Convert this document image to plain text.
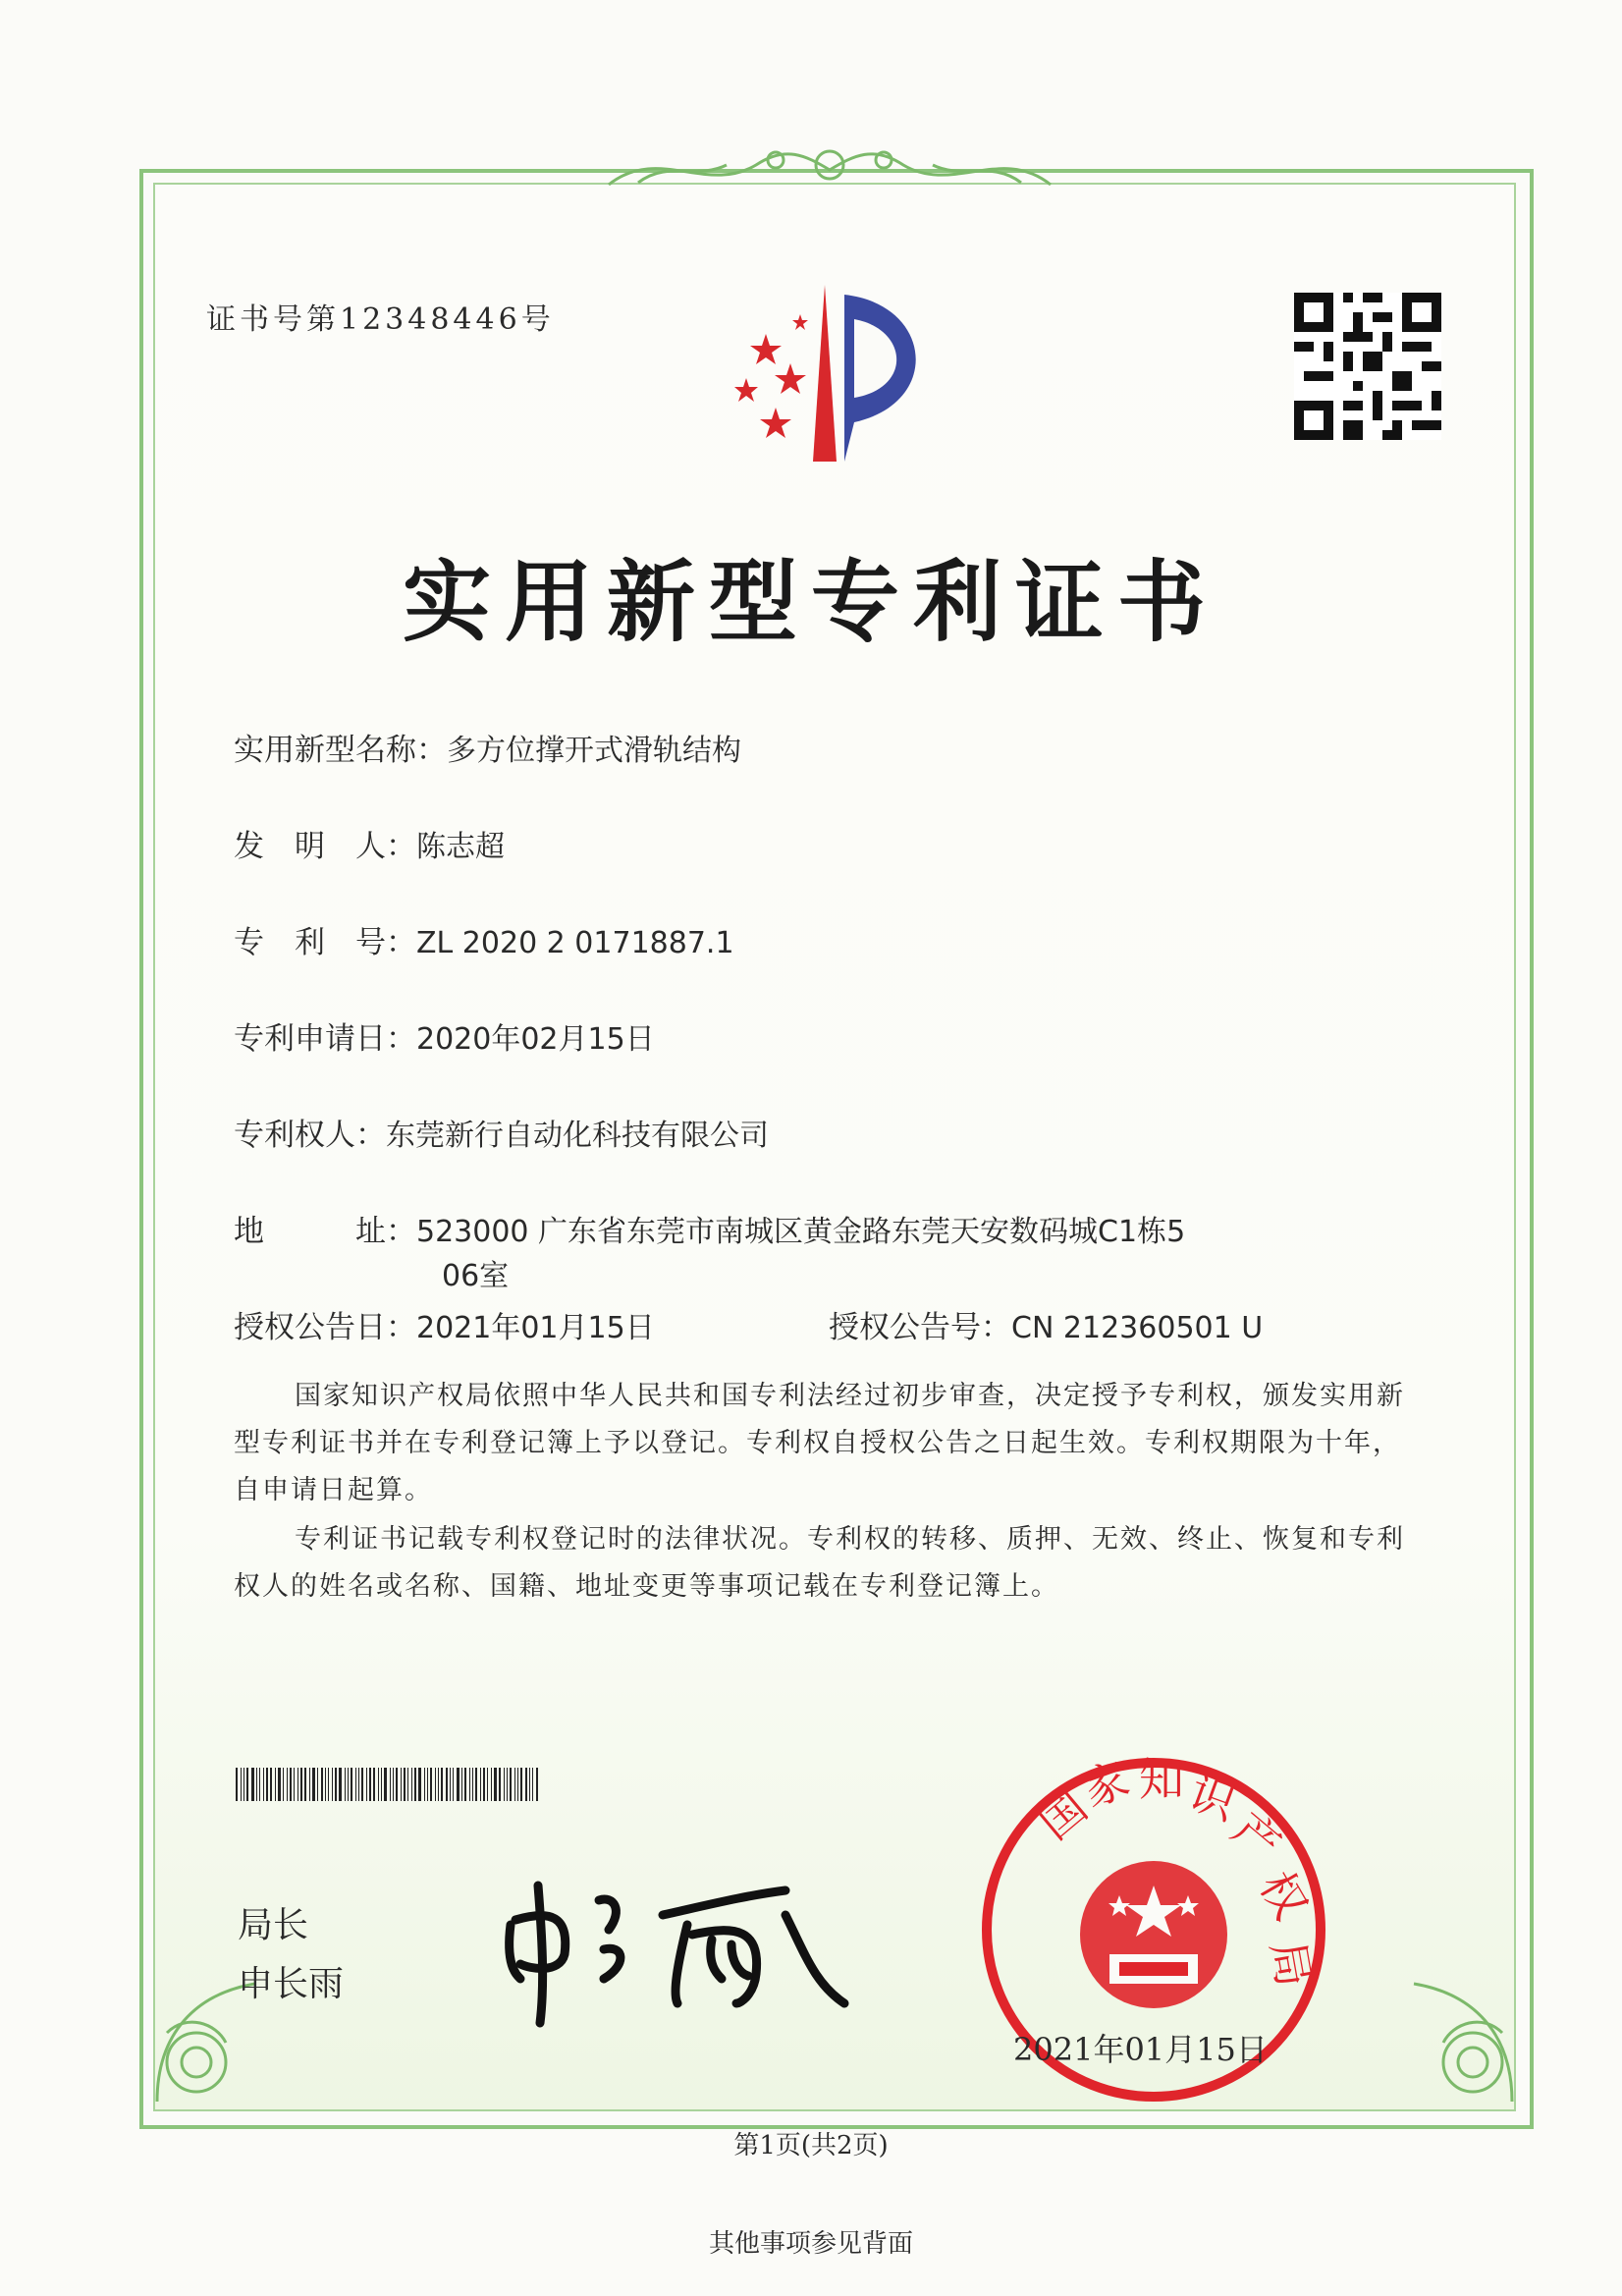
证书号第12348446号
实用新型专利证书
实用新型名称：多方位撑开式滑轨结构
发　明　人：陈志超
专　利　号：ZL 2020 2 0171887.1
专利申请日：2020年02月15日
专利权人：东莞新行自动化科技有限公司
地　　　址：523000 广东省东莞市南城区黄金路东莞天安数码城C1栋5
06室
授权公告日：2021年01月15日	授权公告号：CN 212360501 U
国家知识产权局依照中华人民共和国专利法经过初步审查，决定授予专利权，颁发实用新型专利证书并在专利登记簿上予以登记。专利权自授权公告之日起生效。专利权期限为十年，自申请日起算。
专利证书记载专利权登记时的法律状况。专利权的转移、质押、无效、终止、恢复和专利权人的姓名或名称、国籍、地址变更等事项记载在专利登记簿上。
局长
申长雨
国
家 知
识
产
权
局
2021年01月15日
第1页(共2页)
其他事项参见背面
